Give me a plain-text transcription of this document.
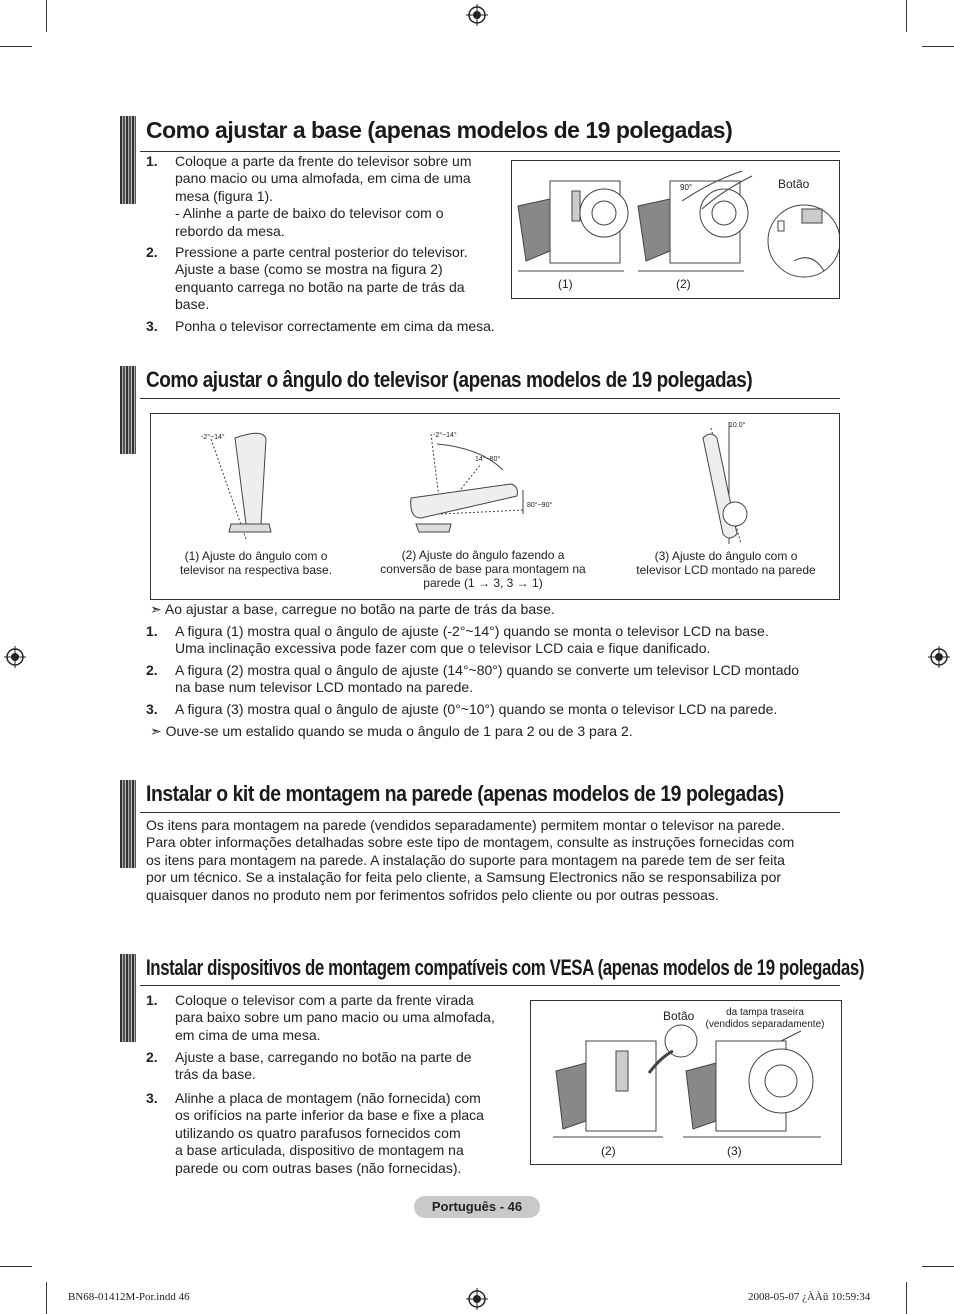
Como ajustar a base (apenas modelos de 19 polegadas)
1. Coloque a parte da frente do televisor sobre um
pano macio ou uma almofada, em cima de uma
mesa (figura 1).
- Alinhe a parte de baixo do televisor com o
rebordo da mesa.
2. Pressione a parte central posterior do televisor.
Ajuste a base (como se mostra na figura 2)
enquanto carrega no botão na parte de trás da
base.
3. Ponha o televisor correctamente em cima da mesa.
90°	Botão
(1)	(2)
Como ajustar o ângulo do televisor (apenas modelos de 19 polegadas)
-2°~14°	-2°~14°
14°~80°
80°~90°
10.0°
(1) Ajuste do ângulo com o
televisor na respectiva base.
(2) Ajuste do ângulo fazendo a
conversão de base para montagem na
parede (1 → 3, 3 → 1)
(3) Ajuste do ângulo com o
televisor LCD montado na parede
➣ Ao ajustar a base, carregue no botão na parte de trás da base.
1. A figura (1) mostra qual o ângulo de ajuste (-2°~14°) quando se monta o televisor LCD na base.
Uma inclinação excessiva pode fazer com que o televisor LCD caia e fique danificado.
2. A figura (2) mostra qual o ângulo de ajuste (14°~80°) quando se converte um televisor LCD montado
na base num televisor LCD montado na parede.
3. A figura (3) mostra qual o ângulo de ajuste (0°~10°) quando se monta o televisor LCD na parede.
➣ Ouve-se um estalido quando se muda o ângulo de 1 para 2 ou de 3 para 2.
Instalar o kit de montagem na parede (apenas modelos de 19 polegadas)
Os itens para montagem na parede (vendidos separadamente) permitem montar o televisor na parede.
Para obter informações detalhadas sobre este tipo de montagem, consulte as instruções fornecidas com
os itens para montagem na parede. A instalação do suporte para montagem na parede tem de ser feita
por um técnico. Se a instalação for feita pelo cliente, a Samsung Electronics não se responsabiliza por
quaisquer danos no produto nem por ferimentos sofridos pelo cliente ou por outras pessoas.
Instalar dispositivos de montagem compatíveis com VESA (apenas modelos de 19 polegadas)
1. Coloque o televisor com a parte da frente virada
para baixo sobre um pano macio ou uma almofada,
em cima de uma mesa.
2. Ajuste a base, carregando no botão na parte de
trás da base.
3. Alinhe a placa de montagem (não fornecida) com
os orifícios na parte inferior da base e fixe a placa
utilizando os quatro parafusos fornecidos com
a base articulada, dispositivo de montagem na
parede ou com outras bases (não fornecidas).
Botão	da tampa traseira
(vendidos separadamente)
(2)	(3)
Português - 46
BN68-01412M-Por.indd 46	2008-05-07 ¿ÀÀü 10:59:34
